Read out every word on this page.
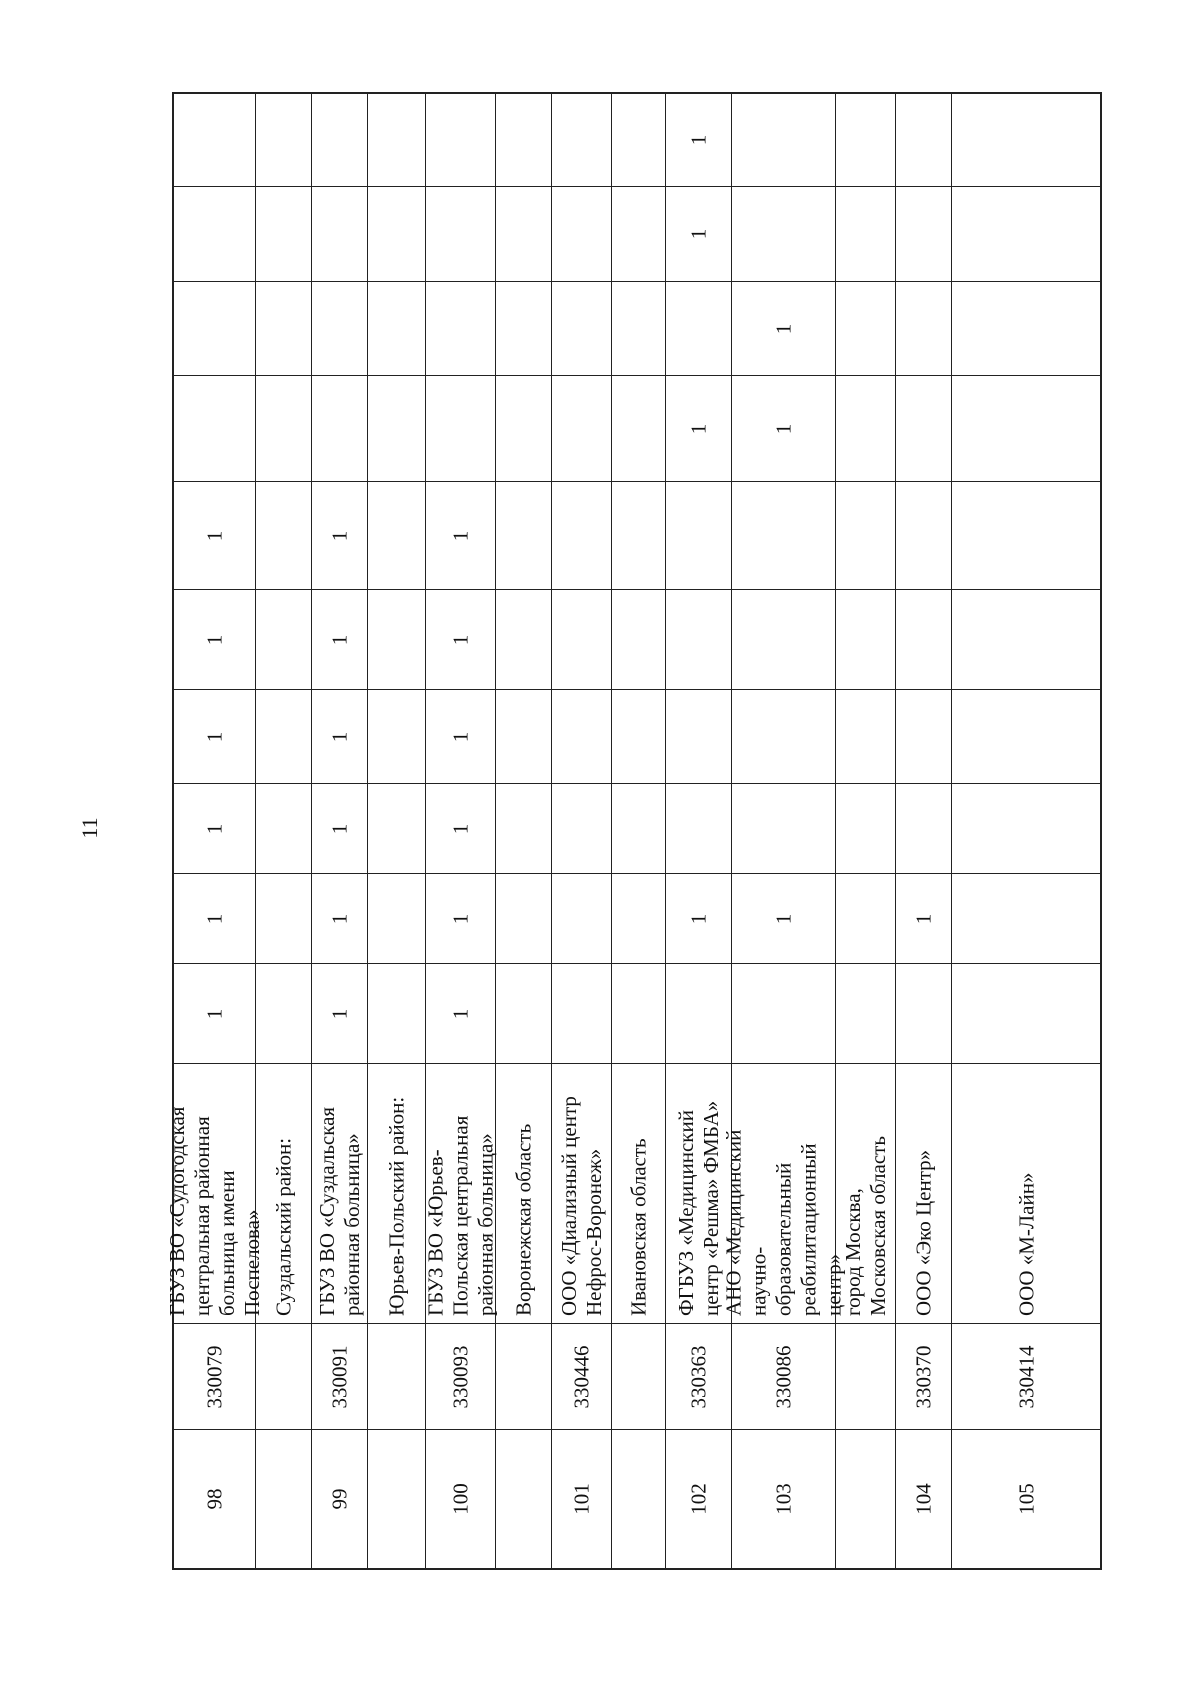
11
1
1
1
1
1
1
ГБУЗ ВО «Судогодская
центральная районная
больница имени
Поспелова»
330079
98
Суздальский район:
1
1
1
1
1
1
ГБУЗ ВО «Суздальская
районная больница»
330091
99
Юрьев-Польский район:
1
1
1
1
1
1
ГБУЗ ВО «Юрьев-
Польская центральная
районная больница»
330093
100
Воронежская область ООО «Диализный центр
Нефрос-Воронеж»
330446
101
Ивановская область
1
1
1
1
ФГБУЗ «Медицинский
центр «Решма» ФМБА»
330363
102
1
1
1
АНО «Медицинский
научно-
образовательный
реабилитационный
центр»
330086
103
город Москва,
Московская область
1
ООО «Эко Центр»
330370
104
ООО «М-Лайн»
330414
105
